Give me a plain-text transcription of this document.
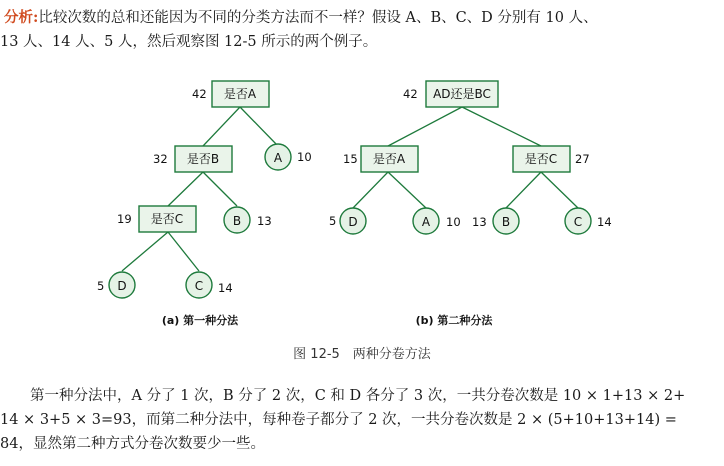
分析:比较次数的总和还能因为不同的分类方法而不一样？假设 A、B、C、D 分别有 10 人、
13 人、14 人、5 人，然后观察图 12-5 所示的两个例子。
是否A
42
是否B
32
是否C
19
A 10
B 13
D
5	C 14
(a) 第一种分法
AD还是BC
42
是否A
15	是否C 27
D
5	A 10	B
13	C 14
(b) 第二种分法
图 12-5　两种分卷方法
第一种分法中，A 分了 1 次，B 分了 2 次，C 和 D 各分了 3 次，一共分卷次数是 10 × 1+13 × 2+
14 × 3+5 × 3=93，而第二种分法中，每种卷子都分了 2 次，一共分卷次数是 2 × (5+10+13+14) =
84，显然第二种方式分卷次数要少一些。
